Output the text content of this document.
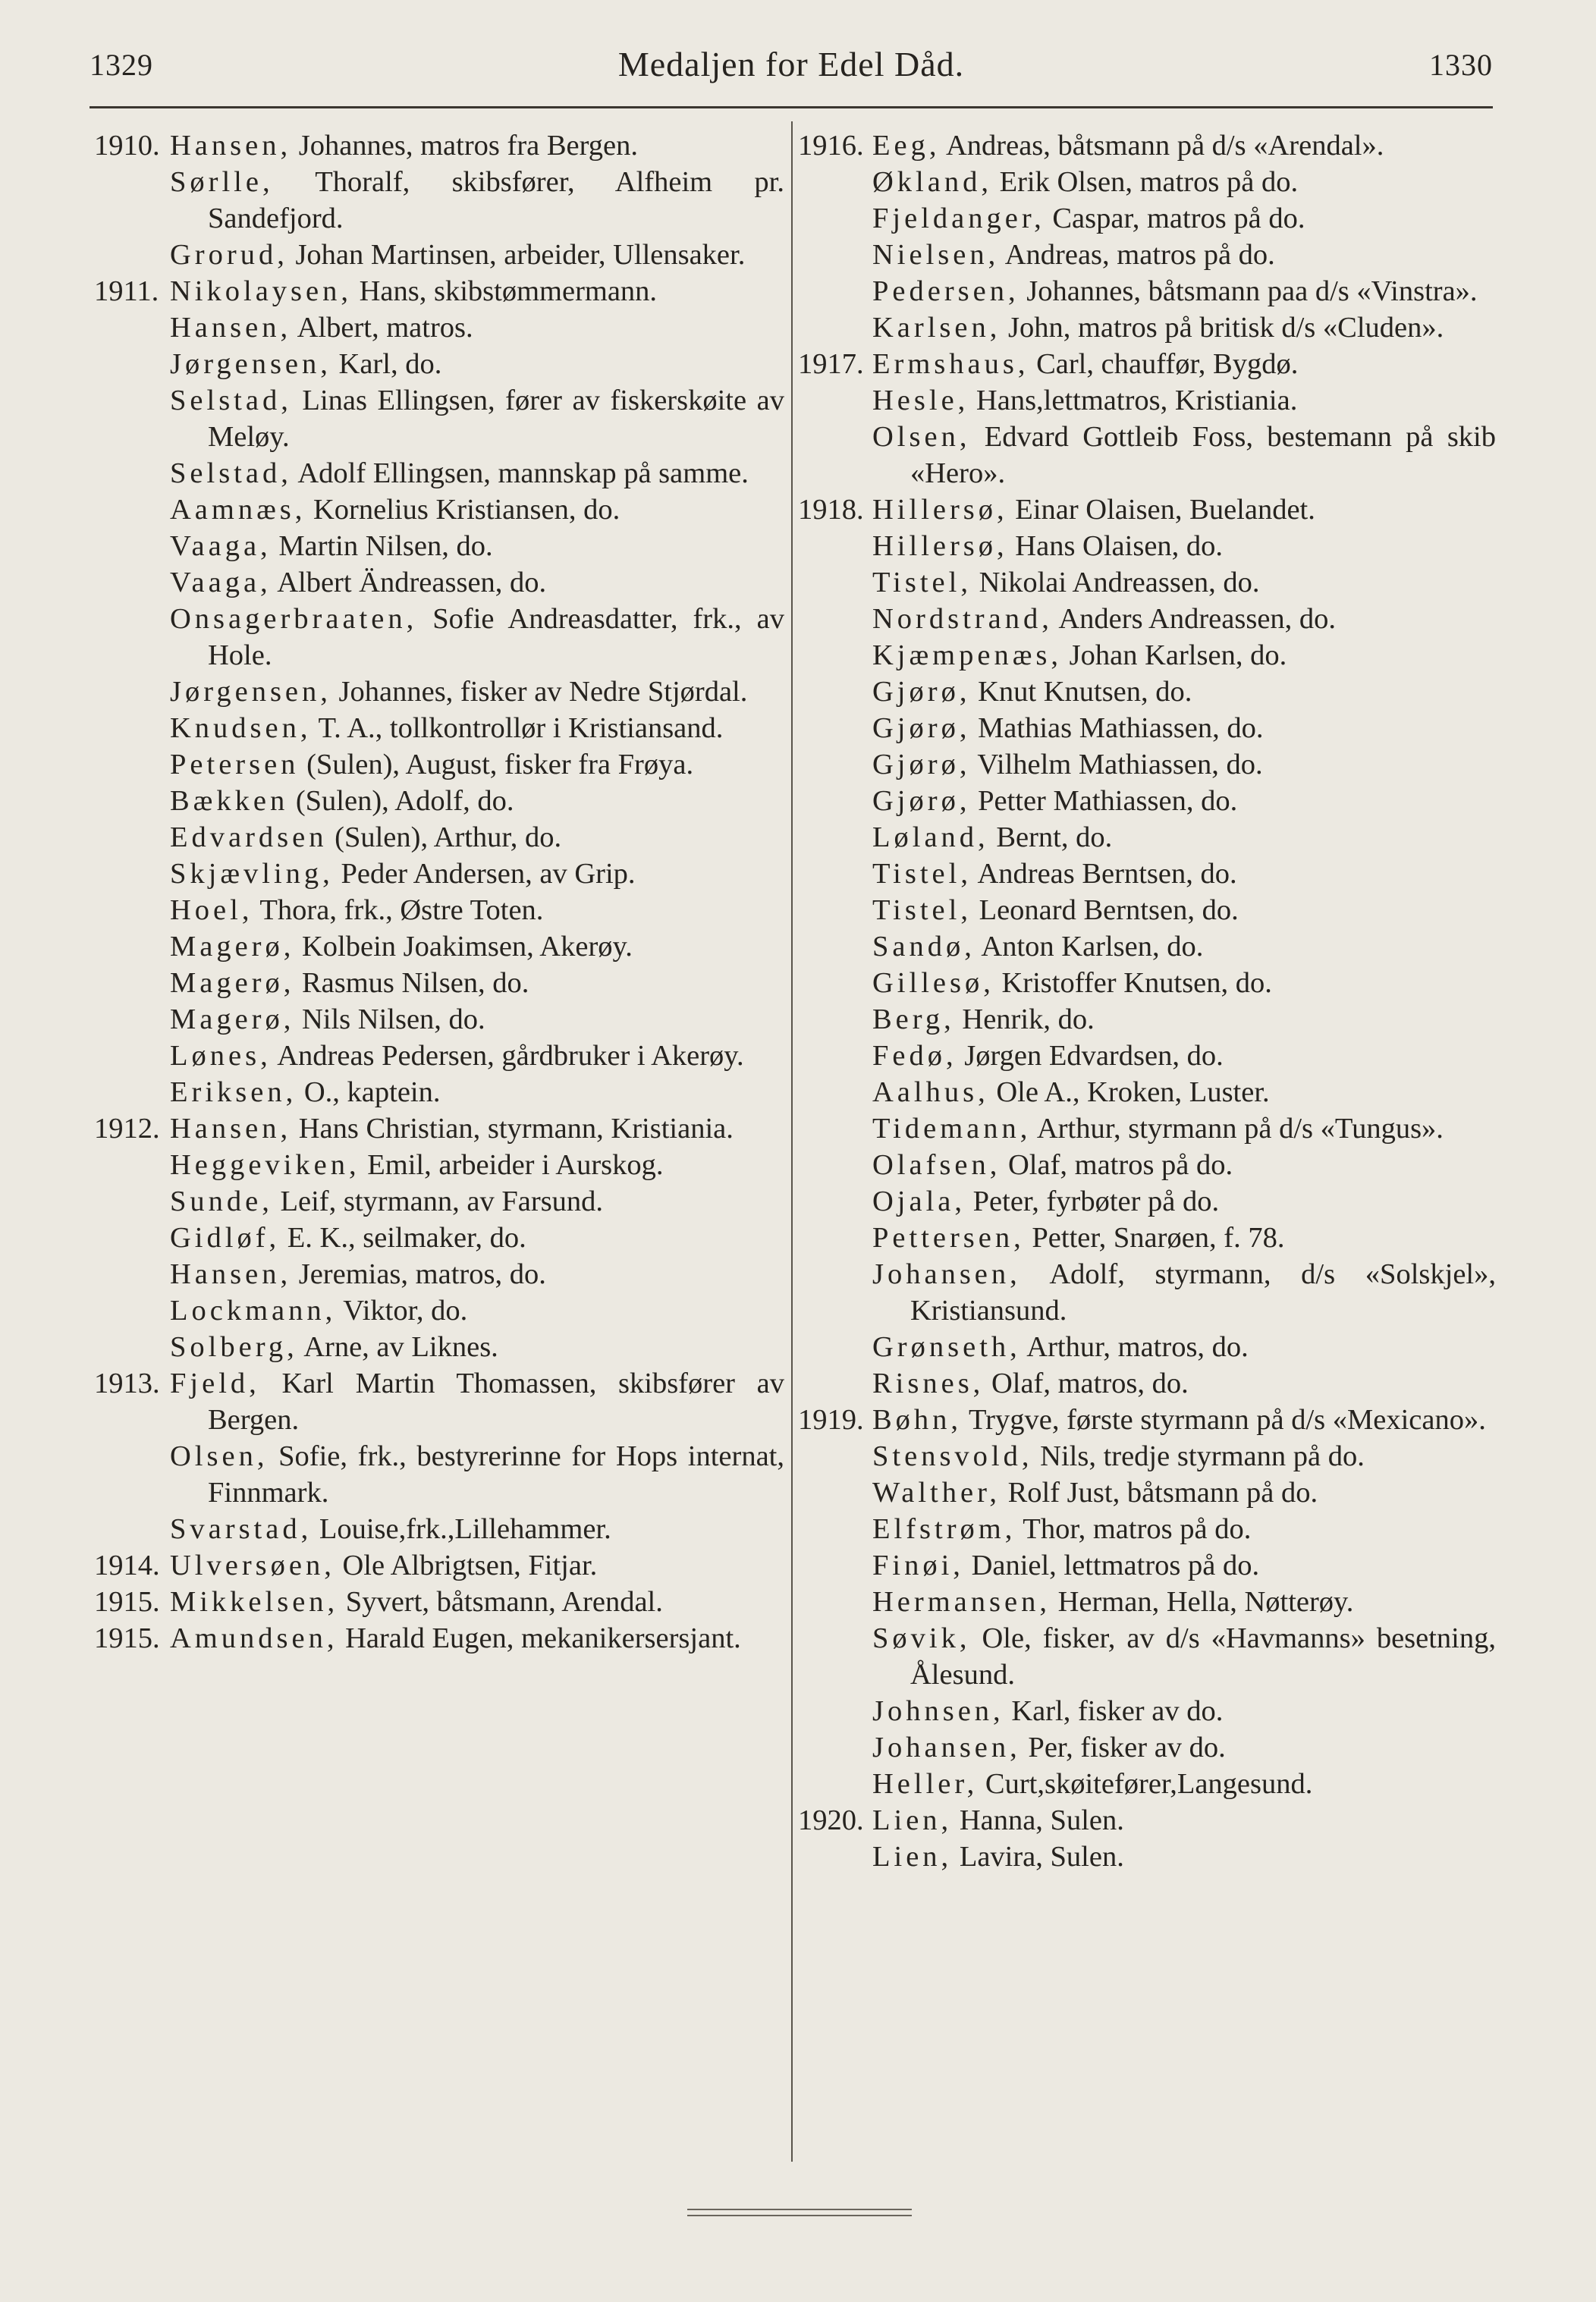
1329	Medaljen for Edel Dåd.	1330
1910. Hansen, Johannes, matros fra Bergen.
Sørlle, Thoralf, skibsfører, Alfheim pr. Sandefjord.
Grorud, Johan Martinsen, arbeider, Ullensaker.
1911. Nikolaysen, Hans, skibstømmermann.
Hansen, Albert, matros.
Jørgensen, Karl, do.
Selstad, Linas Ellingsen, fører av fiskerskøite av Meløy.
Selstad, Adolf Ellingsen, mannskap på samme.
Aamnæs, Kornelius Kristiansen, do.
Vaaga, Martin Nilsen, do.
Vaaga, Albert Ändreassen, do.
Onsagerbraaten, Sofie Andreasdatter, frk., av Hole.
Jørgensen, Johannes, fisker av Nedre Stjørdal.
Knudsen, T. A., tollkontrollør i Kristiansand.
Petersen (Sulen), August, fisker fra Frøya.
Bækken (Sulen), Adolf, do.
Edvardsen (Sulen), Arthur, do.
Skjævling, Peder Andersen, av Grip.
Hoel, Thora, frk., Østre Toten.
Magerø, Kolbein Joakimsen, Akerøy.
Magerø, Rasmus Nilsen, do.
Magerø, Nils Nilsen, do.
Lønes, Andreas Pedersen, gårdbruker i Akerøy.
Eriksen, O., kaptein.
1912. Hansen, Hans Christian, styrmann, Kristiania.
Heggeviken, Emil, arbeider i Aurskog.
Sunde, Leif, styrmann, av Farsund.
Gidløf, E. K., seilmaker, do.
Hansen, Jeremias, matros, do.
Lockmann, Viktor, do.
Solberg, Arne, av Liknes.
1913. Fjeld, Karl Martin Thomassen, skibsfører av Bergen.
Olsen, Sofie, frk., bestyrerinne for Hops internat, Finnmark.
Svarstad, Louise,frk.,Lillehammer.
1914. Ulversøen, Ole Albrigtsen, Fitjar.
1915. Mikkelsen, Syvert, båtsmann, Arendal.
1915. Amundsen, Harald Eugen, mekanikersersjant.
1916. Eeg, Andreas, båtsmann på d/s «Arendal».
Økland, Erik Olsen, matros på do.
Fjeldanger, Caspar, matros på do.
Nielsen, Andreas, matros på do.
Pedersen, Johannes, båtsmann paa d/s «Vinstra».
Karlsen, John, matros på britisk d/s «Cluden».
1917. Ermshaus, Carl, chauffør, Bygdø.
Hesle, Hans,lettmatros, Kristiania.
Olsen, Edvard Gottleib Foss, bestemann på skib «Hero».
1918. Hillersø, Einar Olaisen, Buelandet.
Hillersø, Hans Olaisen, do.
Tistel, Nikolai Andreassen, do.
Nordstrand, Anders Andreassen, do.
Kjæmpenæs, Johan Karlsen, do.
Gjørø, Knut Knutsen, do.
Gjørø, Mathias Mathiassen, do.
Gjørø, Vilhelm Mathiassen, do.
Gjørø, Petter Mathiassen, do.
Løland, Bernt, do.
Tistel, Andreas Berntsen, do.
Tistel, Leonard Berntsen, do.
Sandø, Anton Karlsen, do.
Gillesø, Kristoffer Knutsen, do.
Berg, Henrik, do.
Fedø, Jørgen Edvardsen, do.
Aalhus, Ole A., Kroken, Luster.
Tidemann, Arthur, styrmann på d/s «Tungus».
Olafsen, Olaf, matros på do.
Ojala, Peter, fyrbøter på do.
Pettersen, Petter, Snarøen, f. 78.
Johansen, Adolf, styrmann, d/s «Solskjel», Kristiansund.
Grønseth, Arthur, matros, do.
Risnes, Olaf, matros, do.
1919. Bøhn, Trygve, første styrmann på d/s «Mexicano».
Stensvold, Nils, tredje styrmann på do.
Walther, Rolf Just, båtsmann på do.
Elfstrøm, Thor, matros på do.
Finøi, Daniel, lettmatros på do.
Hermansen, Herman, Hella, Nøtterøy.
Søvik, Ole, fisker, av d/s «Havmanns» besetning, Ålesund.
Johnsen, Karl, fisker av do.
Johansen, Per, fisker av do.
Heller, Curt,skøitefører,Langesund.
1920. Lien, Hanna, Sulen.
Lien, Lavira, Sulen.
